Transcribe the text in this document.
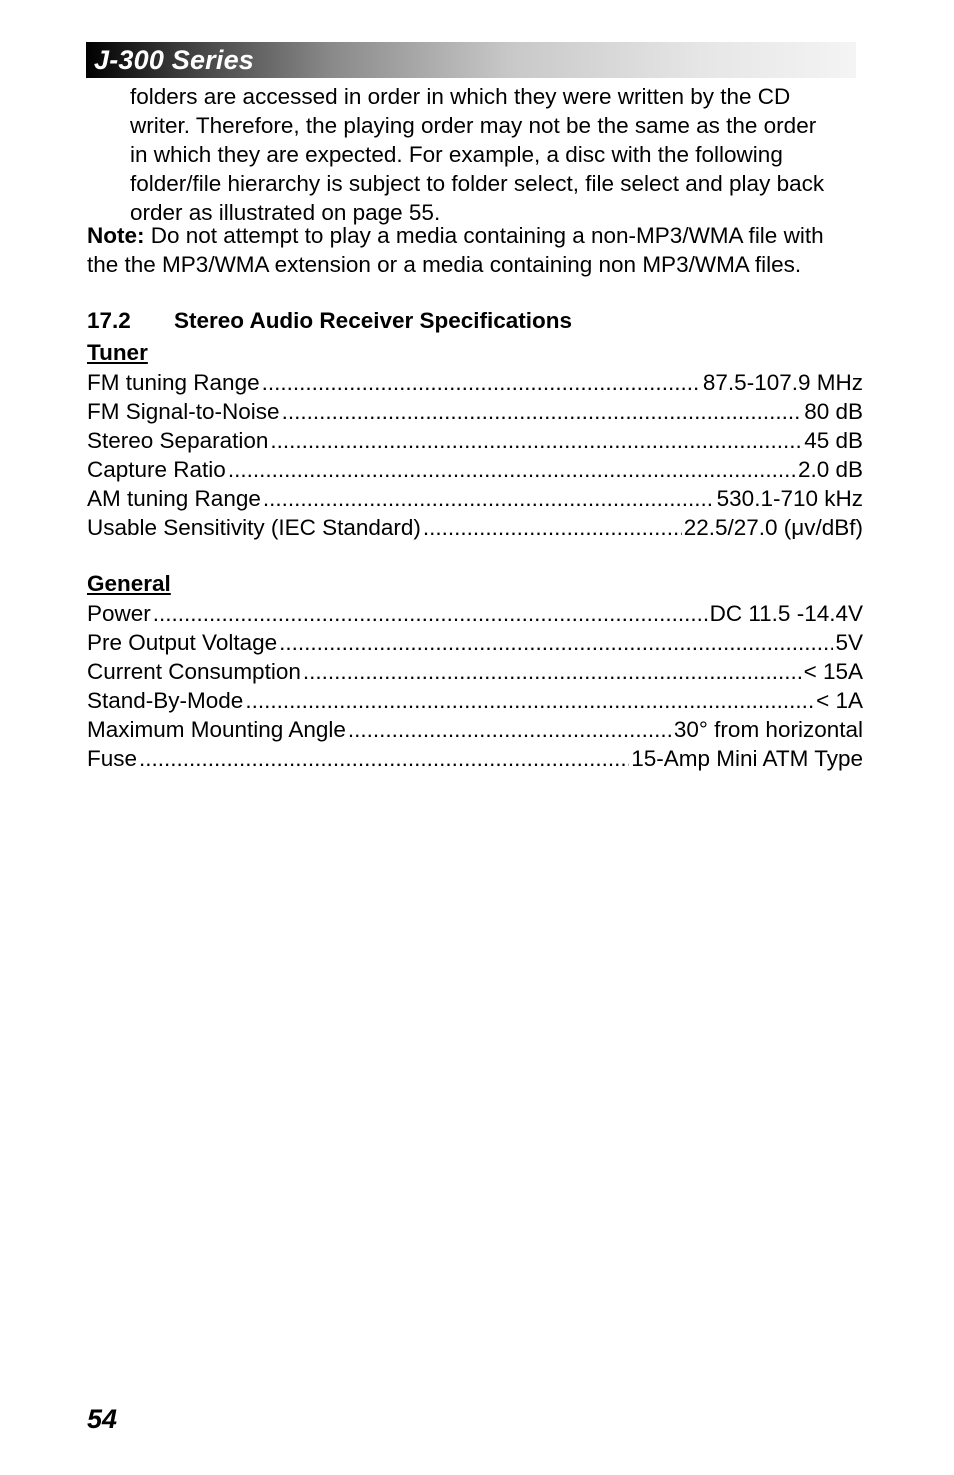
J-300 Series
folders are accessed in order in which they were written by the CD
writer. Therefore, the playing order may not be the same as the order
in which they are expected. For example, a disc with the following
folder/file hierarchy is subject to folder select, file select and play back
order as illustrated on page 55.
Note: Do not attempt to play a media containing a non-MP3/WMA file with
the the MP3/WMA extension or a media containing non MP3/WMA files.
17.2 Stereo Audio Receiver Specifications
Tuner
FM tuning Range .....	87.5-107.9 MHz
FM Signal-to-Noise .....	80 dB
Stereo Separation .....	45 dB
Capture Ratio .....	2.0 dB
AM tuning Range .....	530.1-710 kHz
Usable Sensitivity (IEC Standard) .....	22.5/27.0 (μv/dBf)
General
Power .....	DC 11.5 -14.4V
Pre Output Voltage .....	5V
Current Consumption .....	< 15A
Stand-By-Mode .....	< 1A
Maximum Mounting Angle .....	30° from horizontal
Fuse .....	15-Amp Mini ATM Type
54
